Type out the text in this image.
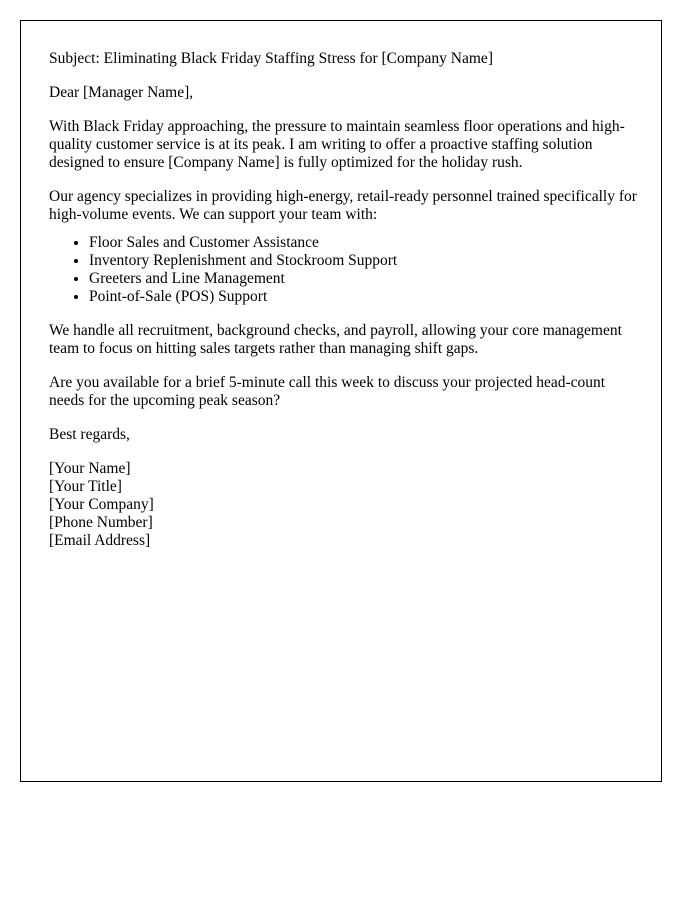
Subject: Eliminating Black Friday Staffing Stress for [Company Name]

Dear [Manager Name],

With Black Friday approaching, the pressure to maintain seamless floor operations and high-quality customer service is at its peak. I am writing to offer a proactive staffing solution designed to ensure [Company Name] is fully optimized for the holiday rush.

Our agency specializes in providing high-energy, retail-ready personnel trained specifically for high-volume events. We can support your team with:

• Floor Sales and Customer Assistance
• Inventory Replenishment and Stockroom Support
• Greeters and Line Management
• Point-of-Sale (POS) Support

We handle all recruitment, background checks, and payroll, allowing your core management team to focus on hitting sales targets rather than managing shift gaps.

Are you available for a brief 5-minute call this week to discuss your projected head-count needs for the upcoming peak season?

Best regards,

[Your Name]
[Your Title]
[Your Company]
[Phone Number]
[Email Address]
